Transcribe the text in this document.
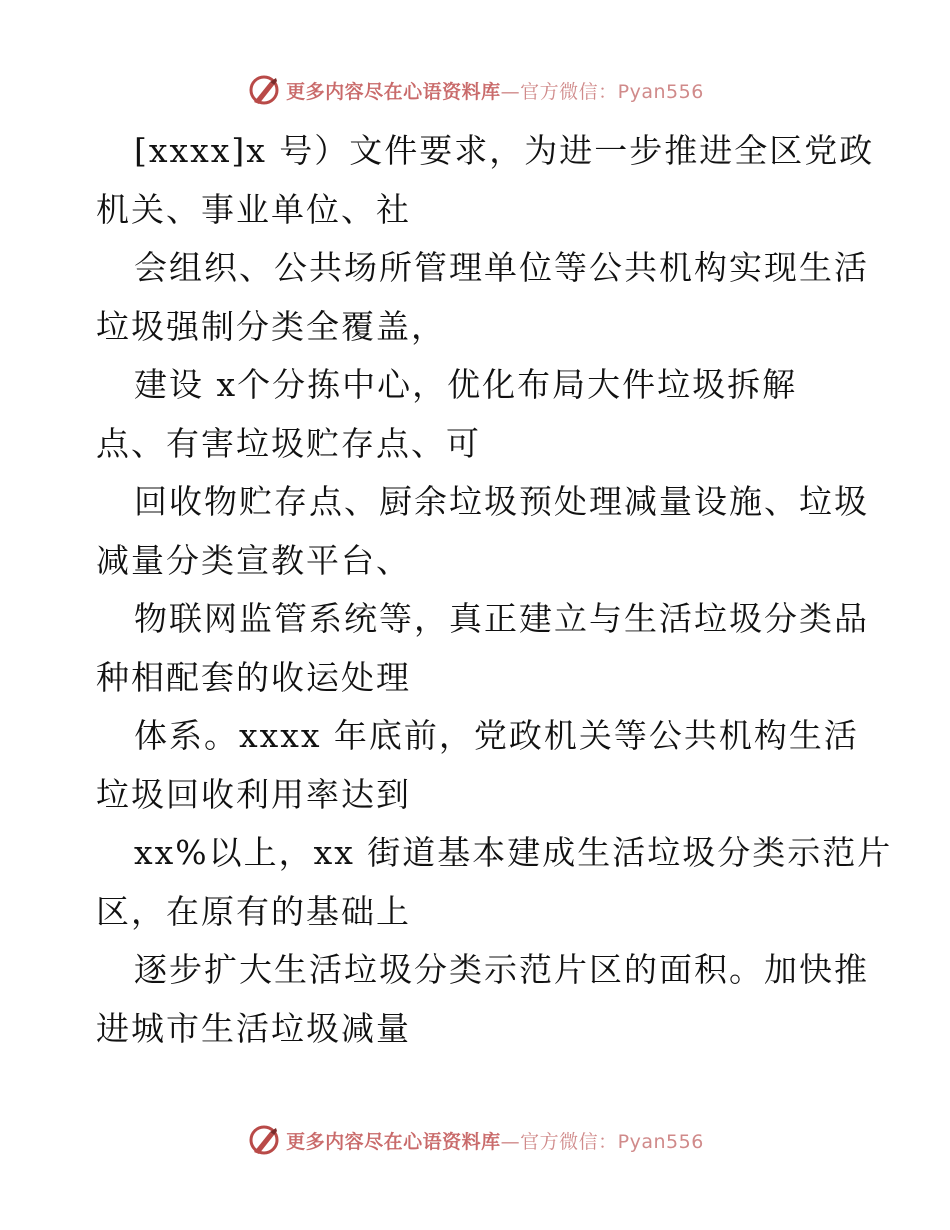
更多内容尽在心语资料库—官方微信：Pyan556
[xxxx]x 号）文件要求，为进一步推进全区党政
机关、事业单位、社
会组织、公共场所管理单位等公共机构实现生活
垃圾强制分类全覆盖，
建设 x个分拣中心，优化布局大件垃圾拆解
点、有害垃圾贮存点、可
回收物贮存点、厨余垃圾预处理减量设施、垃圾
减量分类宣教平台、
物联网监管系统等，真正建立与生活垃圾分类品
种相配套的收运处理
体系。xxxx 年底前，党政机关等公共机构生活
垃圾回收利用率达到
xx%以上，xx 街道基本建成生活垃圾分类示范片
区，在原有的基础上
逐步扩大生活垃圾分类示范片区的面积。加快推
进城市生活垃圾减量
更多内容尽在心语资料库—官方微信：Pyan556
